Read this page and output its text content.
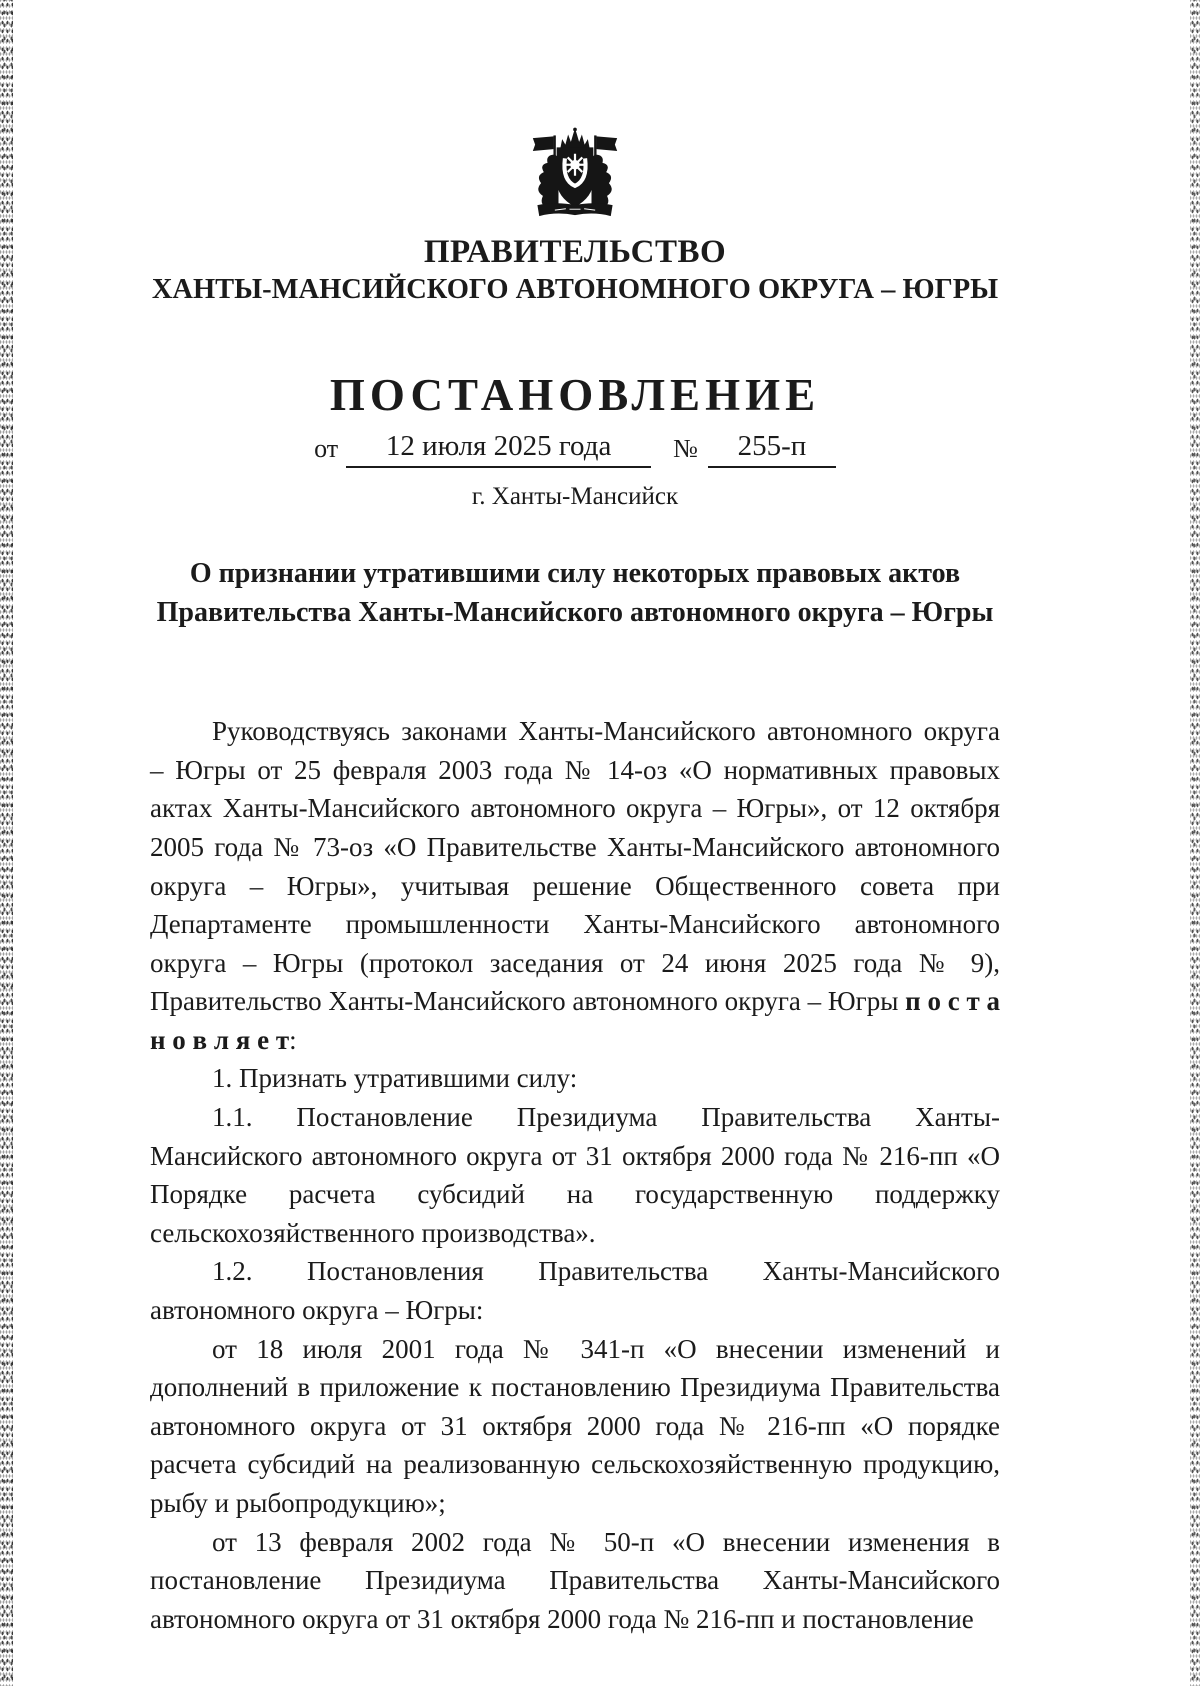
ПРАВИТЕЛЬСТВО

ХАНТЫ-МАНСИЙСКОГО АВТОНОМНОГО ОКРУГА – ЮГРЫ

ПОСТАНОВЛЕНИЕ
от	12 июля 2025 года	№	255-п
г. Ханты-Мансийск
О признании утратившими силу некоторых правовых актов
Правительства Ханты-Мансийского автономного округа – Югры

Руководствуясь законами Ханты-Мансийского автономного округа – Югры от 25 февраля 2003 года № 14-оз «О нормативных правовых актах Ханты-Мансийского автономного округа – Югры», от 12 октября 2005 года № 73-оз «О Правительстве Ханты-Мансийского автономного округа – Югры», учитывая решение Общественного совета при Департаменте промышленности Ханты-Мансийского автономного округа – Югры (протокол заседания от 24 июня 2025 года № 9), Правительство Ханты-Мансийского автономного округа – Югры п о с т а н о в л я е т:

1. Признать утратившими силу:

1.1. Постановление Президиума Правительства Ханты-Мансийского автономного округа от 31 октября 2000 года № 216-пп «О Порядке расчета субсидий на государственную поддержку сельскохозяйственного производства».

1.2. Постановления Правительства Ханты-Мансийского автономного округа – Югры:

от 18 июля 2001 года № 341-п «О внесении изменений и дополнений в приложение к постановлению Президиума Правительства автономного округа от 31 октября 2000 года № 216-пп «О порядке расчета субсидий на реализованную сельскохозяйственную продукцию, рыбу и рыбопродукцию»;

от 13 февраля 2002 года № 50-п «О внесении изменения в постановление Президиума Правительства Ханты-Мансийского автономного округа от 31 октября 2000 года № 216-пп и постановление
